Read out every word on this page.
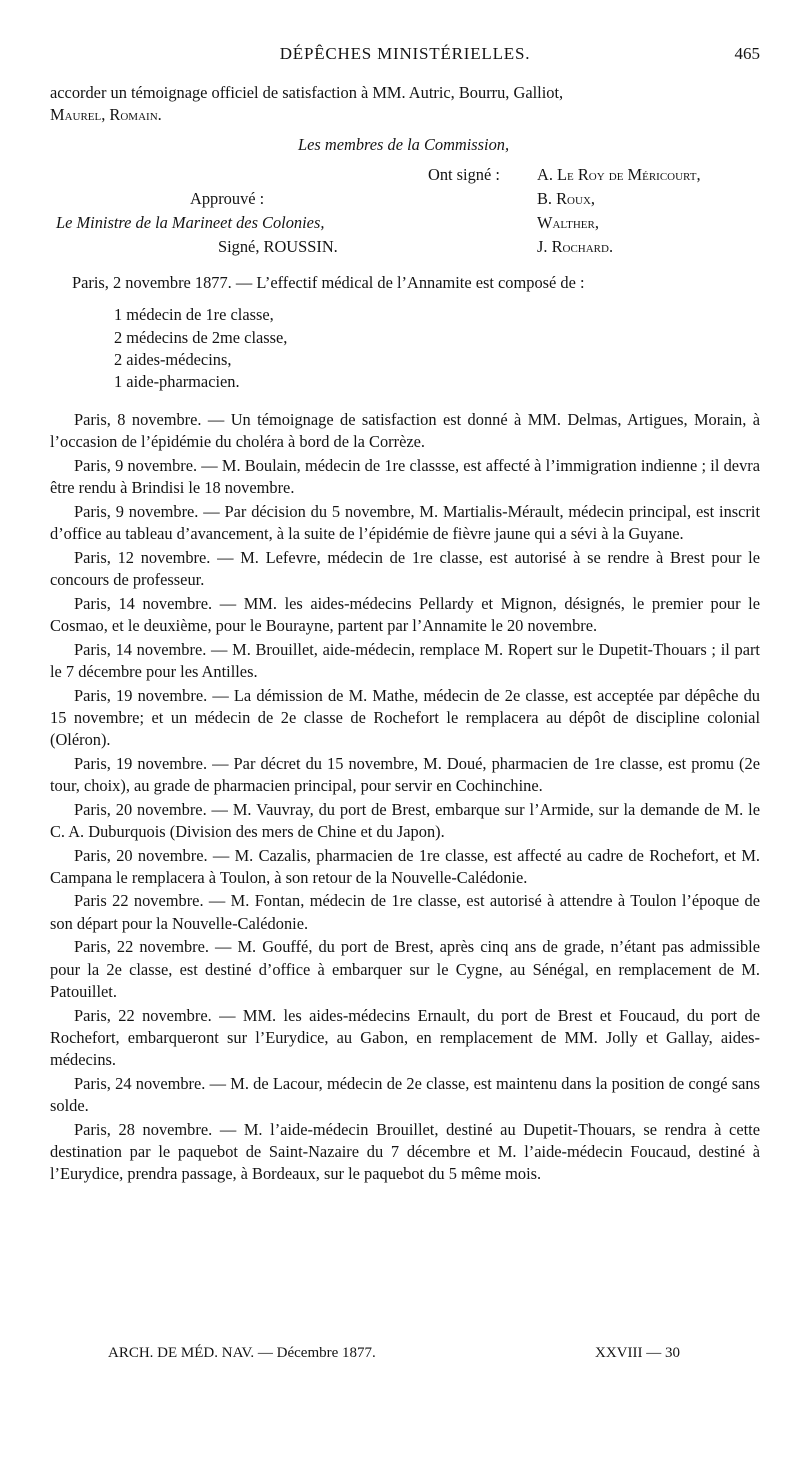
DÉPÊCHES MINISTÉRIELLES.	465

accorder un témoignage officiel de satisfaction à MM. Autric, Bourru, Galliot,

Maurel, Romain.

Les membres de la Commission,
Ont signé : A. Le Roy de Méricourt,
Approuvé :	B. Roux,
Le Ministre de la Marineet des Colonies,	Walther,
Signé, ROUSSIN.	J. Rochard.
Paris, 2 novembre 1877. — L’effectif médical de l’Annamite est composé de :
1 médecin de 1re classe,
2 médecins de 2me classe,
2 aides-médecins,
1 aide-pharmacien.

Paris, 8 novembre. — Un témoignage de satisfaction est donné à MM. Delmas, Artigues, Morain, à l’occasion de l’épidémie du choléra à bord de la Corrèze.

Paris, 9 novembre. — M. Boulain, médecin de 1re classse, est affecté à l’immigration indienne ; il devra être rendu à Brindisi le 18 novembre.

Paris, 9 novembre. — Par décision du 5 novembre, M. Martialis-Mérault, médecin principal, est inscrit d’office au tableau d’avancement, à la suite de l’épidémie de fièvre jaune qui a sévi à la Guyane.

Paris, 12 novembre. — M. Lefevre, médecin de 1re classe, est autorisé à se rendre à Brest pour le concours de professeur.

Paris, 14 novembre. — MM. les aides-médecins Pellardy et Mignon, désignés, le premier pour le Cosmao, et le deuxième, pour le Bourayne, partent par l’Annamite le 20 novembre.

Paris, 14 novembre. — M. Brouillet, aide-médecin, remplace M. Ropert sur le Dupetit-Thouars ; il part le 7 décembre pour les Antilles.

Paris, 19 novembre. — La démission de M. Mathe, médecin de 2e classe, est acceptée par dépêche du 15 novembre; et un médecin de 2e classe de Rochefort le remplacera au dépôt de discipline colonial (Oléron).

Paris, 19 novembre. — Par décret du 15 novembre, M. Doué, pharmacien de 1re classe, est promu (2e tour, choix), au grade de pharmacien principal, pour servir en Cochinchine.

Paris, 20 novembre. — M. Vauvray, du port de Brest, embarque sur l’Armide, sur la demande de M. le C. A. Duburquois (Division des mers de Chine et du Japon).

Paris, 20 novembre. — M. Cazalis, pharmacien de 1re classe, est affecté au cadre de Rochefort, et M. Campana le remplacera à Toulon, à son retour de la Nouvelle-Calédonie.

Paris 22 novembre. — M. Fontan, médecin de 1re classe, est autorisé à attendre à Toulon l’époque de son départ pour la Nouvelle-Calédonie.

Paris, 22 novembre. — M. Gouffé, du port de Brest, après cinq ans de grade, n’étant pas admissible pour la 2e classe, est destiné d’office à embarquer sur le Cygne, au Sénégal, en remplacement de M. Patouillet.

Paris, 22 novembre. — MM. les aides-médecins Ernault, du port de Brest et Foucaud, du port de Rochefort, embarqueront sur l’Eurydice, au Gabon, en remplacement de MM. Jolly et Gallay, aides-médecins.

Paris, 24 novembre. — M. de Lacour, médecin de 2e classe, est maintenu dans la position de congé sans solde.

Paris, 28 novembre. — M. l’aide-médecin Brouillet, destiné au Dupetit-Thouars, se rendra à cette destination par le paquebot de Saint-Nazaire du 7 décembre et M. l’aide-médecin Foucaud, destiné à l’Eurydice, prendra passage, à Bordeaux, sur le paquebot du 5 même mois.

ARCH. DE MÉD. NAV. — Décembre 1877.	XXVIII — 30
